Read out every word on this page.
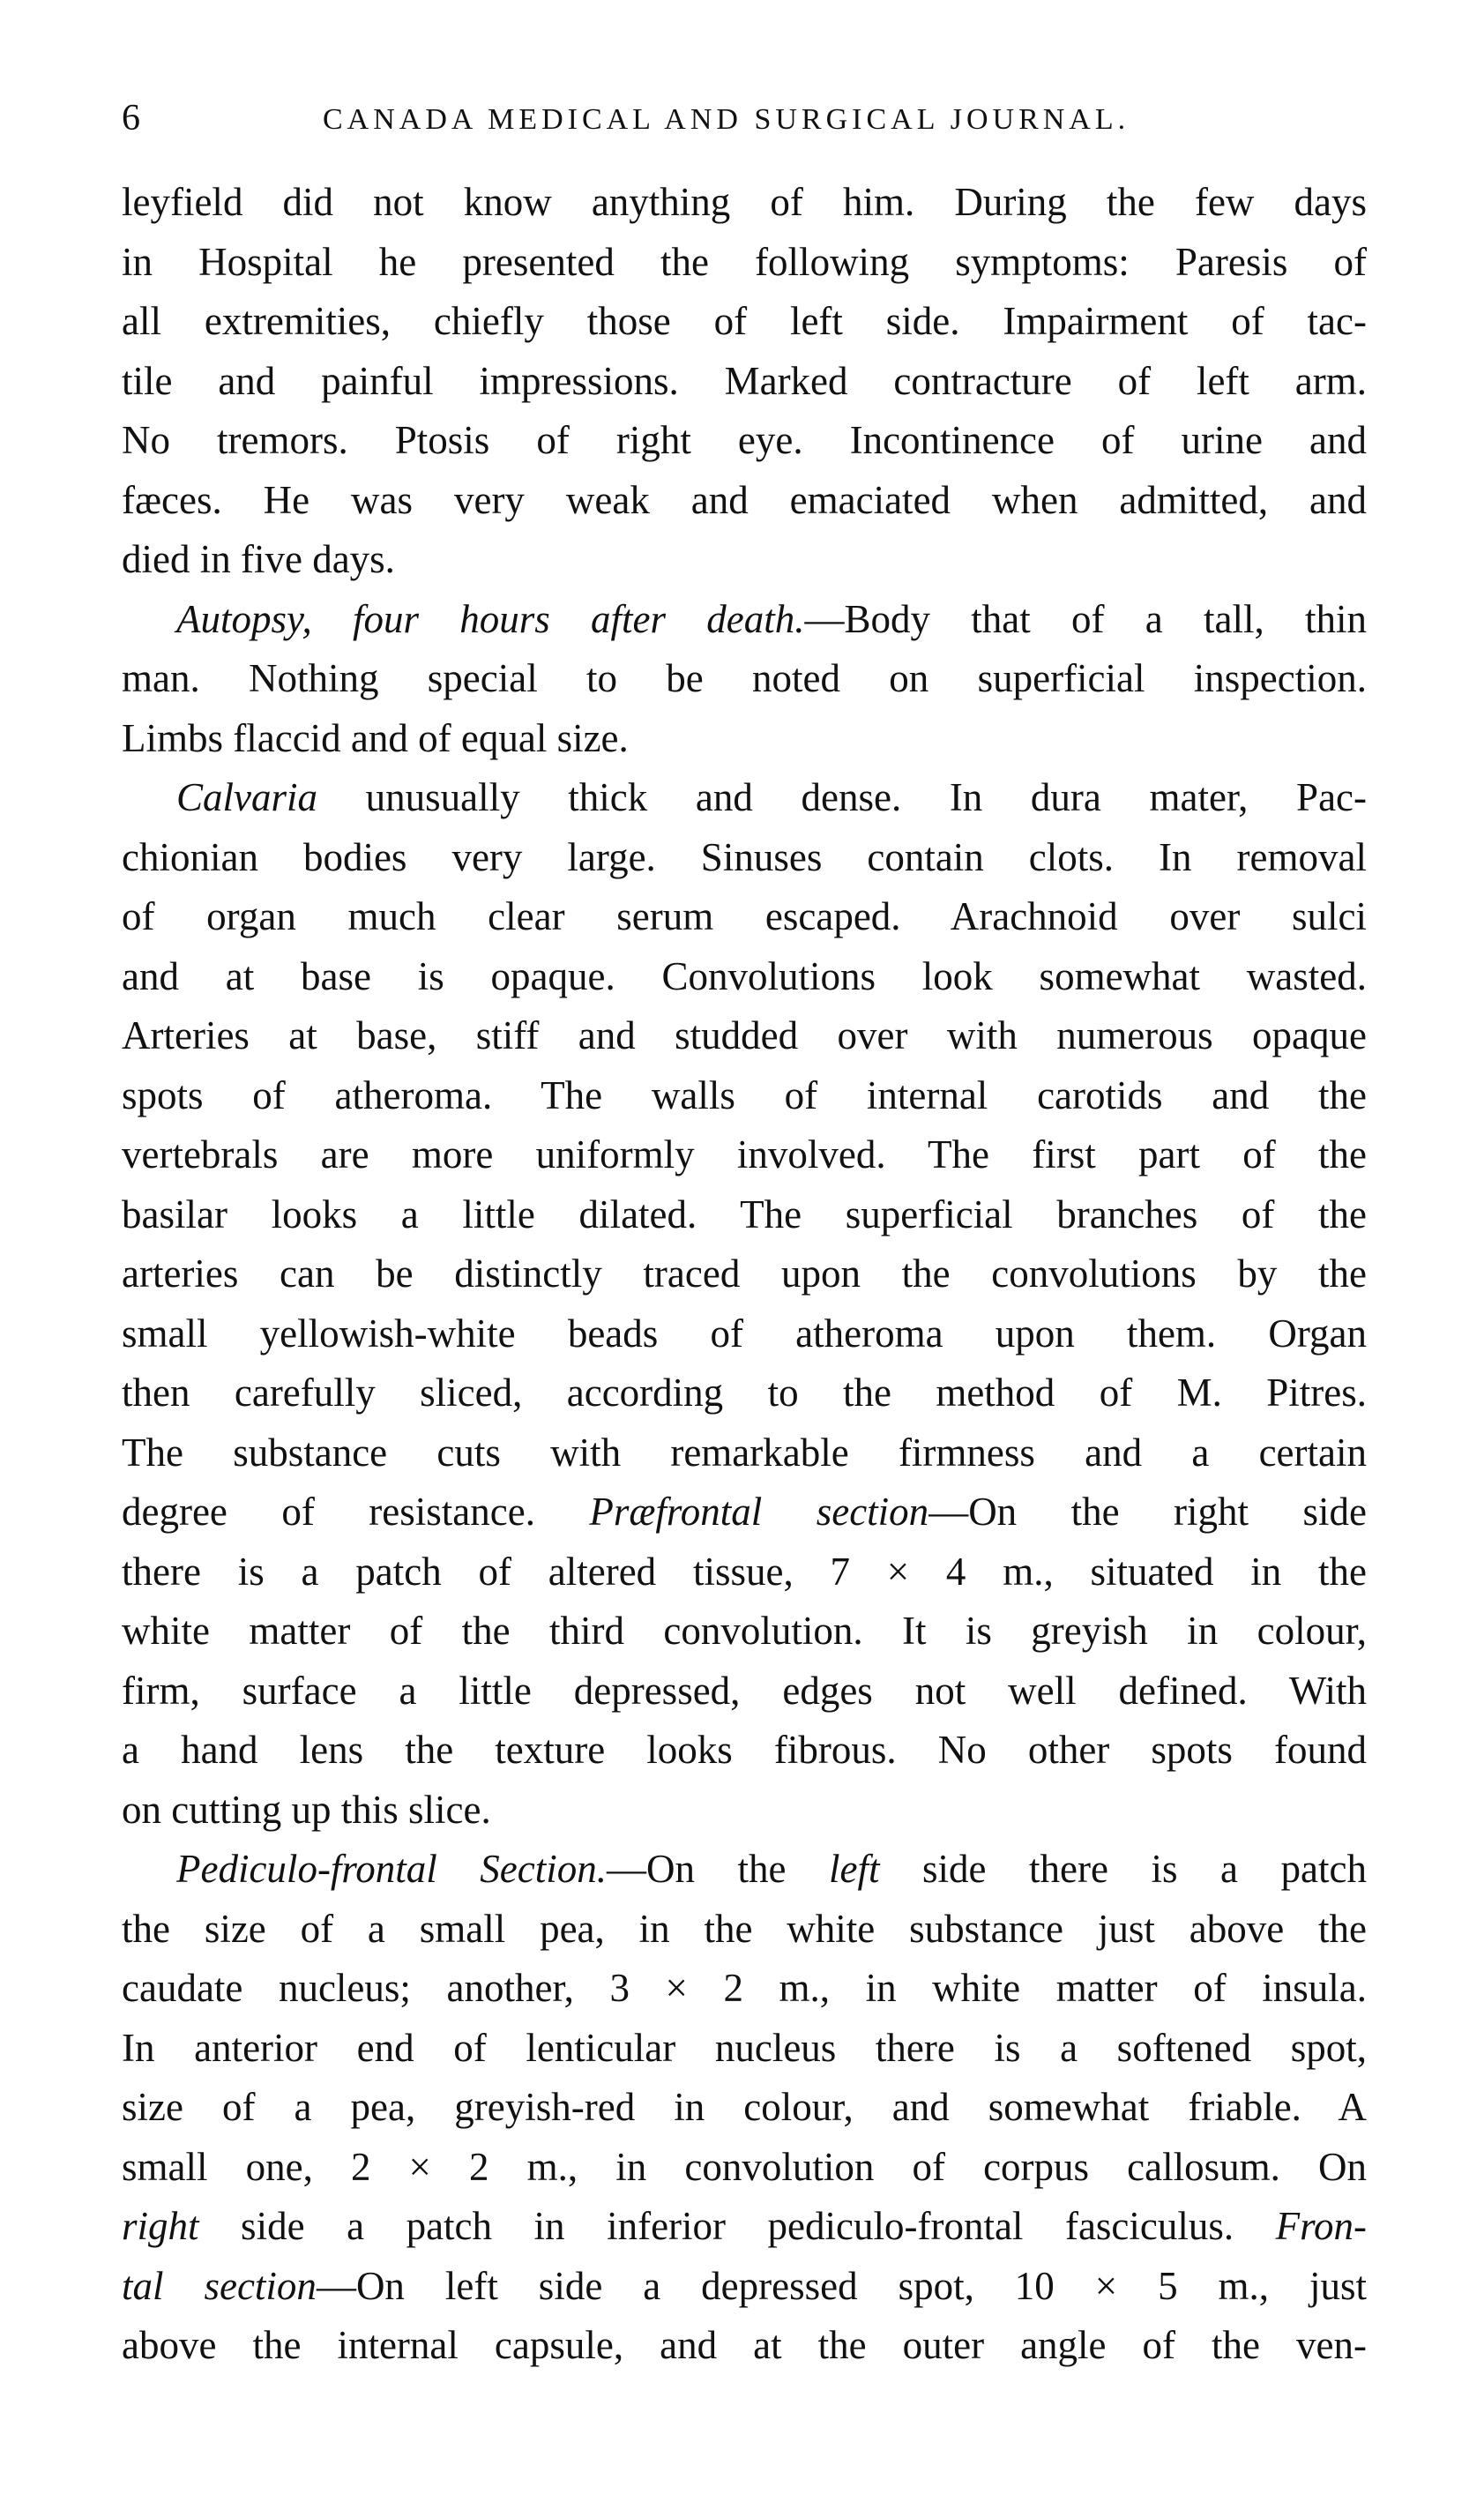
6	CANADA MEDICAL AND SURGICAL JOURNAL.
leyfield did not know anything of him. During the few days
in Hospital he presented the following symptoms: Paresis of
all extremities, chiefly those of left side. Impairment of tac-
tile and painful impressions. Marked contracture of left arm.
No tremors. Ptosis of right eye. Incontinence of urine and
fæces. He was very weak and emaciated when admitted, and
died in five days.
Autopsy, four hours after death.—Body that of a tall, thin
man. Nothing special to be noted on superficial inspection.
Limbs flaccid and of equal size.
Calvaria unusually thick and dense. In dura mater, Pac-
chionian bodies very large. Sinuses contain clots. In removal
of organ much clear serum escaped. Arachnoid over sulci
and at base is opaque. Convolutions look somewhat wasted.
Arteries at base, stiff and studded over with numerous opaque
spots of atheroma. The walls of internal carotids and the
vertebrals are more uniformly involved. The first part of the
basilar looks a little dilated. The superficial branches of the
arteries can be distinctly traced upon the convolutions by the
small yellowish-white beads of atheroma upon them. Organ
then carefully sliced, according to the method of M. Pitres.
The substance cuts with remarkable firmness and a certain
degree of resistance. Præfrontal section—On the right side
there is a patch of altered tissue, 7 × 4 m., situated in the
white matter of the third convolution. It is greyish in colour,
firm, surface a little depressed, edges not well defined. With
a hand lens the texture looks fibrous. No other spots found
on cutting up this slice.
Pediculo-frontal Section.—On the left side there is a patch
the size of a small pea, in the white substance just above the
caudate nucleus; another, 3 × 2 m., in white matter of insula.
In anterior end of lenticular nucleus there is a softened spot,
size of a pea, greyish-red in colour, and somewhat friable. A
small one, 2 × 2 m., in convolution of corpus callosum. On
right side a patch in inferior pediculo-frontal fasciculus. Fron-
tal section—On left side a depressed spot, 10 × 5 m., just
above the internal capsule, and at the outer angle of the ven-
